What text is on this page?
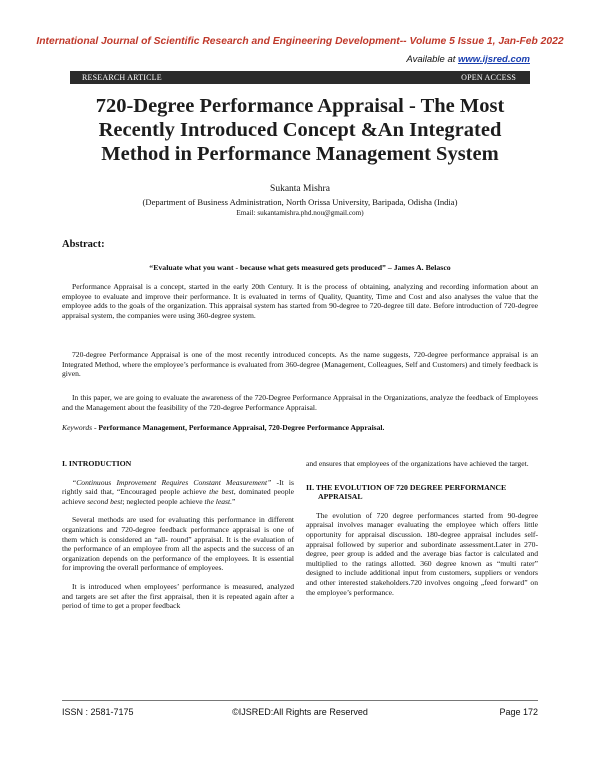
International Journal of Scientific Research and Engineering Development-- Volume 5 Issue 1, Jan-Feb 2022
Available at www.ijsred.com
RESEARCH ARTICLE	OPEN ACCESS
720-Degree Performance Appraisal - The Most
Recently Introduced Concept &An Integrated
Method in Performance Management System
Sukanta Mishra
(Department of Business Administration, North Orissa University, Baripada, Odisha (India)
Email: sukantamishra.phd.nou@gmail.com)
Abstract:
“Evaluate what you want - because what gets measured gets produced” – James A. Belasco
Performance Appraisal is a concept, started in the early 20th Century. It is the process of obtaining, analyzing and recording information about an employee to evaluate and improve their performance. It is evaluated in terms of Quality, Quantity, Time and Cost and also analyses the value that the employee adds to the goals of the organization. This appraisal system has started from 90-degree to 720-degree till date. Before introduction of 720-degree appraisal system, the companies were using 360-degree system.
720-degree Performance Appraisal is one of the most recently introduced concepts. As the name suggests, 720-degree performance appraisal is an Integrated Method, where the employee’s performance is evaluated from 360-degree (Management, Colleagues, Self and Customers) and timely feedback is given.
In this paper, we are going to evaluate the awareness of the 720-Degree Performance Appraisal in the Organizations, analyze the feedback of Employees and the Management about the feasibility of the 720-degree Performance Appraisal.
Keywords - Performance Management, Performance Appraisal, 720-Degree Performance Appraisal.
I. INTRODUCTION

“Continuous Improvement Requires Constant Measurement” -It is rightly said that, “Encouraged people achieve the best, dominated people achieve second best; neglected people achieve the least.”

Several methods are used for evaluating this performance in different organizations and 720-degree feedback performance appraisal is one of them which is considered an “all- round” appraisal. It is the evaluation of the performance of an employee from all the aspects and the success of an organization depends on the performance of the employees. It is essential for improving the overall performance of employees.

It is introduced when employees’ performance is measured, analyzed and targets are set after the first appraisal, then it is repeated again after a period of time to get a proper feedback

and ensures that employees of the organizations have achieved the target.

II. THE EVOLUTION OF 720 DEGREE PERFORMANCE APPRAISAL

The evolution of 720 degree performances started from 90-degree appraisal involves manager evaluating the employee which offers little opportunity for appraisal discussion. 180-degree appraisal includes self-appraisal followed by superior and subordinate assessment.Later in 270-degree, peer group is added and the average bias factor is calculated and multiplied to the ratings allotted. 360 degree known as “multi rater” designed to include additional input from customers, suppliers or vendors and other interested stakeholders.720 involves ongoing „feed forward” on the employee’s performance.

ISSN : 2581-7175	©IJSRED:All Rights are Reserved	Page 172
